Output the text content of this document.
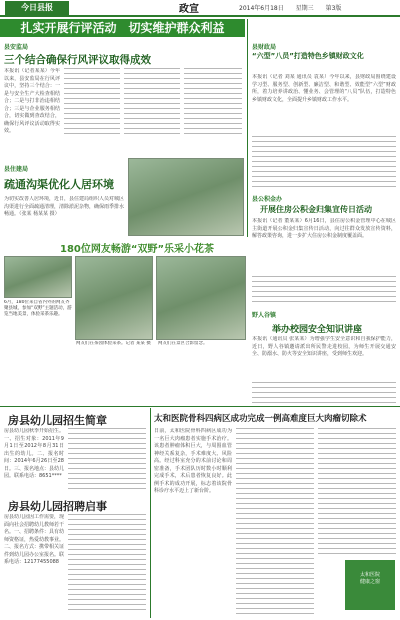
今日县报	政宣	2014年6月18日 星期三 第3版
扎实开展行评活动　切实维护群众利益
县安监局
三个结合确保行风评议取得成效
本报讯（记者某某）今年以来，县安监局在行风评议中，坚持三个结合：一是与安全生产大检查相结合；二是与打非治违相结合；三是与企业服务相结合，切实做到查改结合，确保行风评议活动取得实效。
县住建局
疏通沟渠优化人居环境
为切实改善人居环境，近日，县住建局组织人员对城区沟渠进行全面疏通清理，清除淤泥杂物，确保雨季排水畅通。（张某 杨某某 摄）
180位网友畅游“双野”乐采小花茶
6月，180位来自省内外的网友齐聚县城，参加“双野”主题活动，游览当地美景，体验采茶乐趣。
网友们在茶园体验采茶。记者 某某 摄	网友们在景区合影留念。
县财政局
“六型”八员”打造特色乡镇财政文化
本报讯（记者 刘某 通讯员 袁某）今年以来，县财政局围绕建设学习型、服务型、创新型、廉洁型、和谐型、效能型“六型”财政所，着力培养讲政治、懂业务、会管理的“八员”队伍，打造特色乡镇财政文化，全面提升乡镇财政工作水平。
县公积金办
开展住房公积金归集宣传日活动
本报讯（记者 董某某）6月16日，县住房公积金管理中心在城区主街道开展公积金归集宣传日活动，向过往群众发放宣传资料，解答政策咨询，进一步扩大住房公积金制度覆盖面。
野人谷镇
举办校园安全知识讲座
本报讯（通讯员 张某某）为增强学生安全意识和自我保护能力，近日，野人谷镇邀请派出所民警走进校园，为师生开展交通安全、防溺水、防火等安全知识讲座，受到师生欢迎。
房县幼儿园招生简章
房县幼儿园秋季开始招生。一、招生对象：2011年9月1日至2012年8月31日出生的幼儿。二、报名时间：2014年6月26日至28日。三、报名地点：县幼儿园。联系电话：8651****
房县幼儿园招聘启事
房县幼儿园因工作需要，现面向社会招聘幼儿教师若干名。一、招聘条件：具有幼师资格证，热爱幼教事业。二、报名方式：携带相关证件到幼儿园办公室报名。联系电话：12177455088
太和医院骨科四病区成功完成一例高难度巨大肉瘤切除术
日前，太和医院骨科四病区成功为一名巨大肉瘤患者实施手术治疗。该患者肿瘤体积巨大，与周围血管神经关系复杂，手术难度大、风险高。经过科室充分的术前讨论和周密准备，手术团队历时数小时顺利完成手术，术后患者恢复良好。此例手术的成功开展，标志着该院骨科诊疗水平迈上了新台阶。
太和医院
健康之窗
